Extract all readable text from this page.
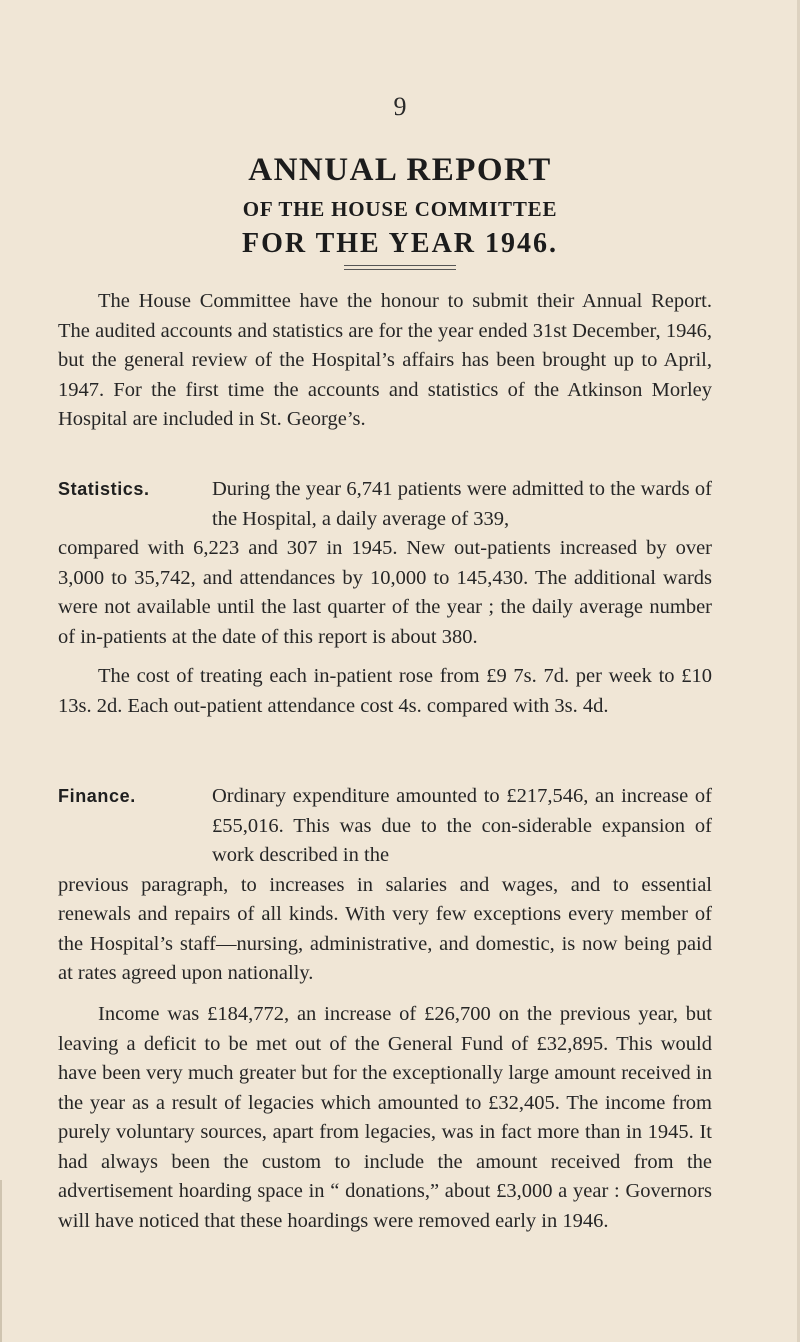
9
ANNUAL REPORT
OF THE HOUSE COMMITTEE
FOR THE YEAR 1946.
The House Committee have the honour to submit their Annual Report. The audited accounts and statistics are for the year ended 31st December, 1946, but the general review of the Hospital’s affairs has been brought up to April, 1947. For the first time the accounts and statistics of the Atkinson Morley Hospital are included in St. George’s.
Statistics.	During the year 6,741 patients were admitted to the wards of the Hospital, a daily average of 339,
compared with 6,223 and 307 in 1945. New out-patients increased by over 3,000 to 35,742, and attendances by 10,000 to 145,430. The additional wards were not available until the last quarter of the year ; the daily average number of in-patients at the date of this report is about 380.
The cost of treating each in-patient rose from £9 7s. 7d. per week to £10 13s. 2d. Each out-patient attendance cost 4s. compared with 3s. 4d.
Finance.	Ordinary expenditure amounted to £217,546, an increase of £55,016. This was due to the con-siderable expansion of work described in the
previous paragraph, to increases in salaries and wages, and to essential renewals and repairs of all kinds. With very few exceptions every member of the Hospital’s staff—nursing, administrative, and domestic, is now being paid at rates agreed upon nationally.
Income was £184,772, an increase of £26,700 on the previous year, but leaving a deficit to be met out of the General Fund of £32,895. This would have been very much greater but for the exceptionally large amount received in the year as a result of legacies which amounted to £32,405. The income from purely voluntary sources, apart from legacies, was in fact more than in 1945. It had always been the custom to include the amount received from the advertisement hoarding space in “ donations,” about £3,000 a year : Governors will have noticed that these hoardings were removed early in 1946.
